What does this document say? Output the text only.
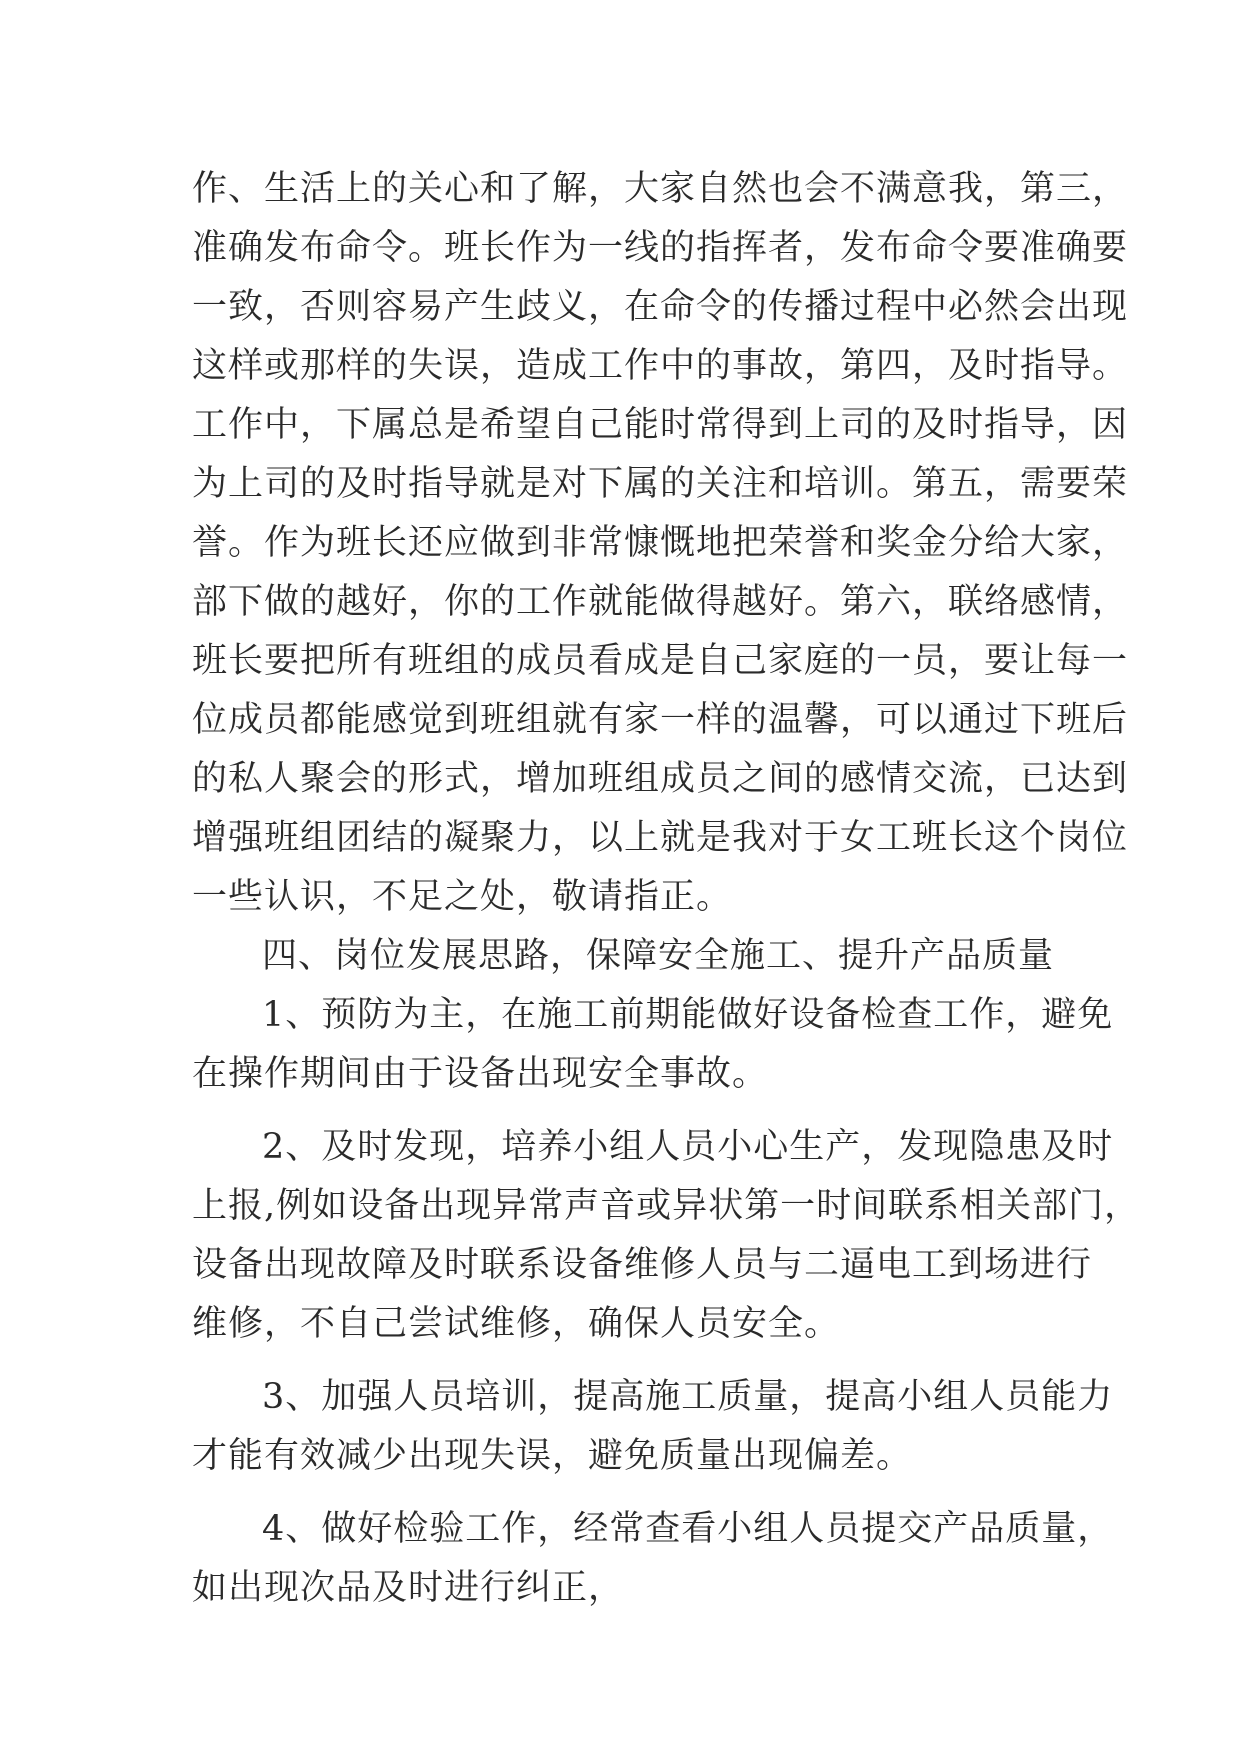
作、生活上的关心和了解，大家自然也会不满意我，第三，
准确发布命令。班长作为一线的指挥者，发布命令要准确要
一致，否则容易产生歧义，在命令的传播过程中必然会出现
这样或那样的失误，造成工作中的事故，第四，及时指导。
工作中，下属总是希望自己能时常得到上司的及时指导，因
为上司的及时指导就是对下属的关注和培训。第五，需要荣
誉。作为班长还应做到非常慷慨地把荣誉和奖金分给大家，
部下做的越好，你的工作就能做得越好。第六，联络感情，
班长要把所有班组的成员看成是自己家庭的一员，要让每一
位成员都能感觉到班组就有家一样的温馨，可以通过下班后
的私人聚会的形式，增加班组成员之间的感情交流，已达到
增强班组团结的凝聚力，以上就是我对于女工班长这个岗位
一些认识，不足之处，敬请指正。
四、岗位发展思路，保障安全施工、提升产品质量
1、预防为主，在施工前期能做好设备检查工作，避免
在操作期间由于设备出现安全事故。
2、及时发现，培养小组人员小心生产，发现隐患及时
上报,例如设备出现异常声音或异状第一时间联系相关部门，
设备出现故障及时联系设备维修人员与二逼电工到场进行
维修，不自己尝试维修，确保人员安全。
3、加强人员培训，提高施工质量，提高小组人员能力
才能有效减少出现失误，避免质量出现偏差。
4、做好检验工作，经常查看小组人员提交产品质量，
如出现次品及时进行纠正，
